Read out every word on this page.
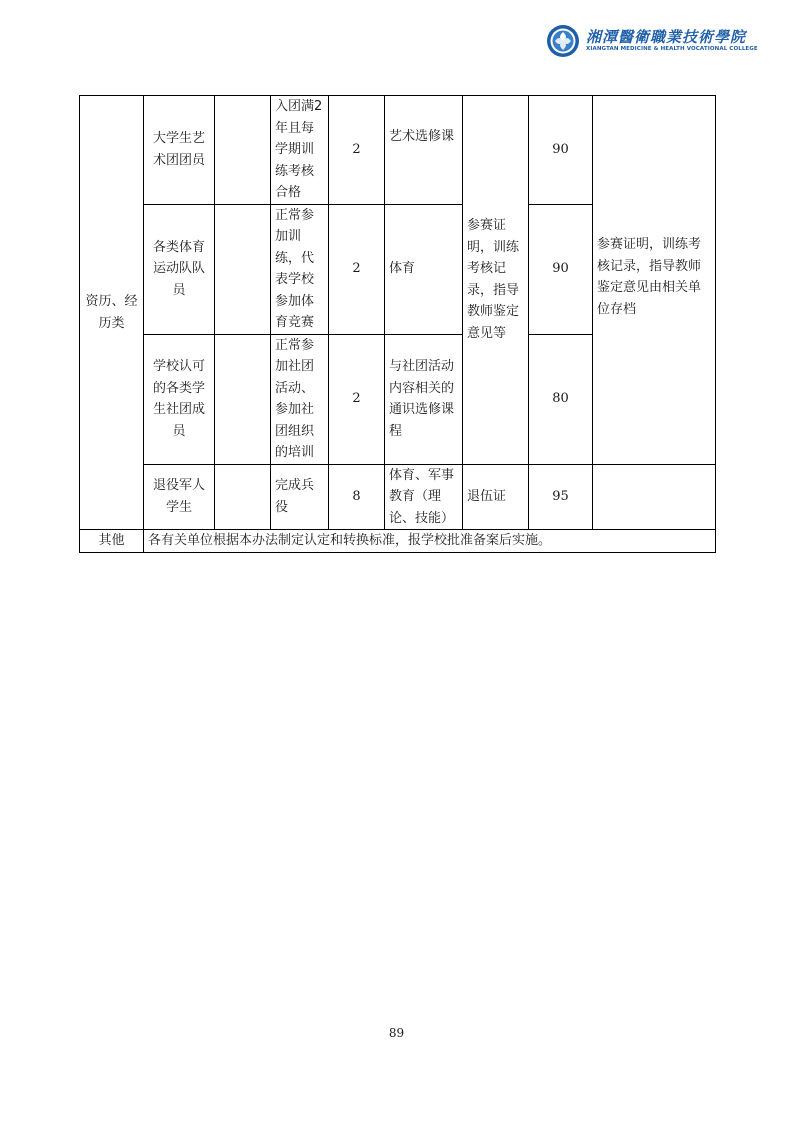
湘潭醫衛職業技術學院
XIANGTAN MEDICINE & HEALTH VOCATIONAL COLLEGE
资历、经历类	大学生艺术团团员		入团满2年且每学期训练考核合格	2	艺术选修课	参赛证明，训练考核记录，指导教师鉴定意见等	90	参赛证明，训练考核记录，指导教师鉴定意见由相关单位存档
	各类体育运动队队员		正常参加训练，代表学校参加体育竞赛	2	体育		90	
	学校认可的各类学生社团成员		正常参加社团活动、参加社团组织的培训	2	与社团活动内容相关的通识选修课程		80	
	退役军人学生		完成兵役	8	体育、军事教育（理论、技能）	退伍证	95	
其他	各有关单位根据本办法制定认定和转换标准，报学校批准备案后实施。							
89
